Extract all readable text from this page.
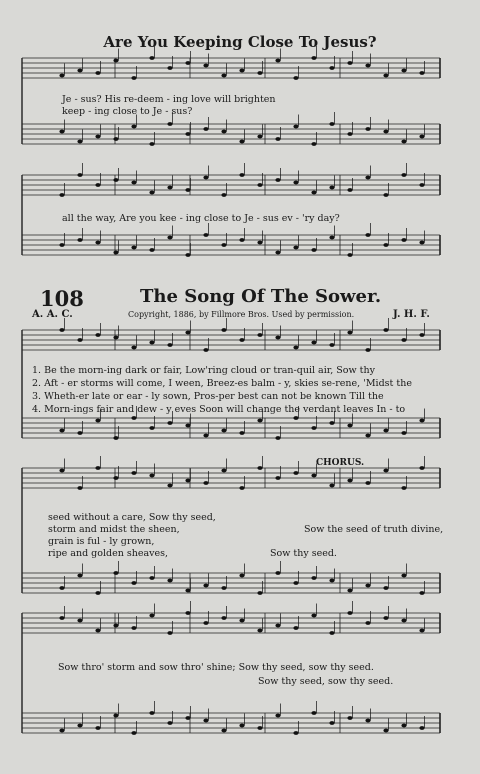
Are You Keeping Close To Jesus?
Je - sus? His re-deem - ing love will brighten
keep - ing close to Je - sus?
all the way, Are you kee - ing close to Je - sus ev - 'ry day?
108	The Song Of The Sower.
A. A. C.	Copyright, 1886, by Fillmore Bros. Used by permission.	J. H. F.
1. Be the morn-ing dark or fair, Low'ring cloud or tran-quil air, Sow thy
2. Aft - er storms will come, I ween, Breez-es balm - y, skies se-rene, 'Midst the
3. Wheth-er late or ear - ly sown, Pros-per best can not be known Till the
4. Morn-ings fair and dew - y eves Soon will change the verdant leaves In - to
CHORUS.
seed without a care, Sow thy seed,
storm and midst the sheen,
grain is ful - ly grown,
ripe and golden sheaves,
Sow the seed of truth divine,
Sow thy seed.
Sow thro' storm and sow thro' shine; Sow thy seed, sow thy seed.
Sow thy seed, sow thy seed.
